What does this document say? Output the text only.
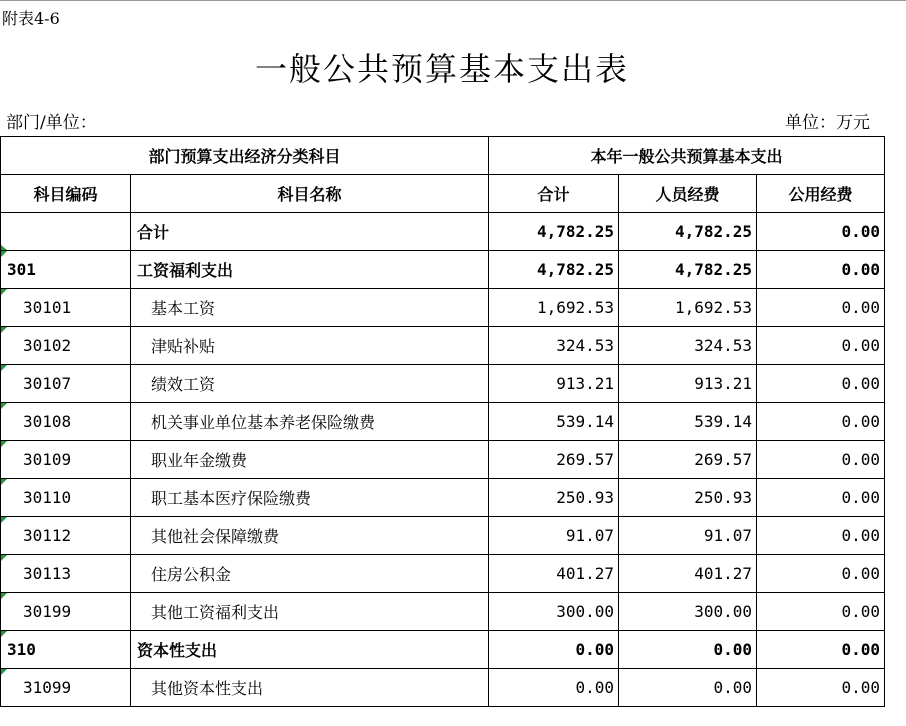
附表4-6
一般公共预算基本支出表
部门/单位：	单位：万元
部门预算支出经济分类科目		本年一般公共预算基本支出		
科目编码	科目名称	合计	人员经费	公用经费

	合计	4,782.25	4,782.25	0.00

301	工资福利支出	4,782.25	4,782.25	0.00

30101	基本工资	1,692.53	1,692.53	0.00

30102	津贴补贴	324.53	324.53	0.00

30107	绩效工资	913.21	913.21	0.00

30108	机关事业单位基本养老保险缴费	539.14	539.14	0.00

30109	职业年金缴费	269.57	269.57	0.00

30110	职工基本医疗保险缴费	250.93	250.93	0.00

30112	其他社会保障缴费	91.07	91.07	0.00

30113	住房公积金	401.27	401.27	0.00

30199	其他工资福利支出	300.00	300.00	0.00

310	资本性支出	0.00	0.00	0.00

31099	其他资本性支出	0.00	0.00	0.00
